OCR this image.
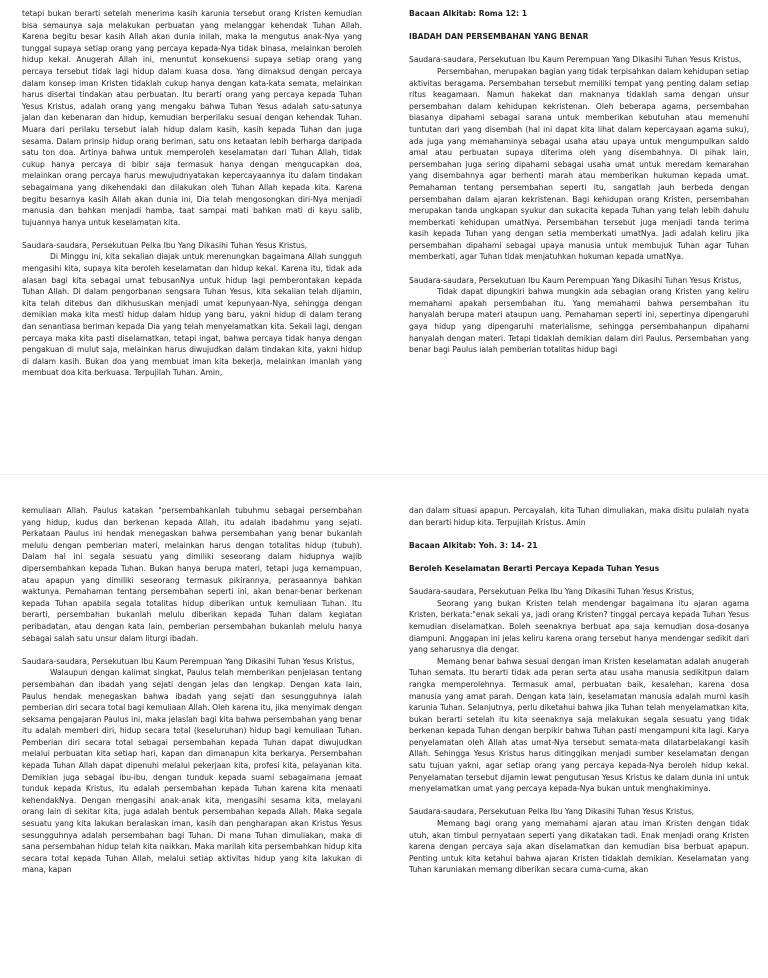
tetapi bukan berarti setelah menerima kasih karunia tersebut orang Kristen kemudian bisa semaunya saja melakukan perbuatan yang melanggar kehendak Tuhan Allah. Karena begitu besar kasih Allah akan dunia inilah, maka Ia mengutus anak-Nya yang tunggal supaya setiap orang yang percaya kepada-Nya tidak binasa, melainkan beroleh hidup kekal. Anugerah Allah ini, menuntut konsekuensi supaya setiap orang yang percaya tersebut tidak lagi hidup dalam kuasa dosa. Yang dimaksud dengan percaya dalam konsep iman Kristen tidaklah cukup hanya dengan kata-kata semata, melainkan harus disertai tindakan atau perbuatan. Itu berarti orang yang percaya kepada Tuhan Yesus Kristus, adalah orang yang mengaku bahwa Tuhan Yesus adalah satu-satunya jalan dan kebenaran dan hidup, kemudian berperilaku sesuai dengan kehendak Tuhan. Muara dari perilaku tersebut ialah hidup dalam kasih, kasih kepada Tuhan dan juga sesama. Dalam prinsip hidup orang beriman, satu ons ketaatan lebih berharga daripada satu ton doa. Artinya bahwa untuk memperoleh keselamatan dari Tuhan Allah, tidak cukup hanya percaya di bibir saja termasuk hanya dengan mengucapkan doa, melainkan orang percaya harus mewujudnyatakan kepercayaannya itu dalam tindakan sebagaimana yang dikehendaki dan dilakukan oleh Tuhan Allah kepada kita. Karena begitu besarnya kasih Allah akan dunia ini, Dia telah mengosongkan diri-Nya menjadi manusia dan bahkan menjadi hamba, taat sampai mati bahkan mati di kayu salib, tujuannya hanya untuk keselamatan kita.

Saudara-saudara, Persekutuan Pelka Ibu Yang Dikasihi Tuhan Yesus Kristus,

Di Minggu ini, kita sekalian diajak untuk merenungkan bagaimana Allah sungguh mengasihi kita, supaya kita beroleh keselamatan dan hidup kekal. Karena itu, tidak ada alasan bagi kita sebagai umat tebusanNya untuk hidup lagi pemberontakan kepada Tuhan Allah. Di dalam pengorbanan sengsara Tuhan Yesus, kita sekalian telah dijamin, kita telah ditebus dan dikhususkan menjadi umat kepunyaan-Nya, sehingga dengan demikian maka kita mesti hidup dalam hidup yang baru, yakni hidup di dalam terang dan senantiasa beriman kepada Dia yang telah menyelamatkan kita. Sekali lagi, dengan percaya maka kita pasti diselamatkan, tetapi ingat, bahwa percaya tidak hanya dengan pengakuan di mulut saja, melainkan harus diwujudkan dalam tindakan kita, yakni hidup di dalam kasih. Bukan doa yang membuat iman kita bekerja, melainkan imanlah yang membuat doa kita berkuasa. Terpujilah Tuhan. Amin,

Bacaan Alkitab: Roma 12: 1

IBADAH DAN PERSEMBAHAN YANG BENAR

Saudara-saudara, Persekutuan Ibu Kaum Perempuan Yang Dikasihi Tuhan Yesus Kristus,

Persembahan, merupakan bagian yang tidak terpisahkan dalam kehidupan setiap aktivitas beragama. Persembahan tersebut memiliki tempat yang penting dalam setiap ritus keagamaan. Namun hakekat dan maknanya tidaklah sama dengan unsur persembahan dalam kehidupan kekristenan. Oleh beberapa agama, persembahan biasanya dipahami sebagai sarana untuk memberikan kebutuhan atau memenuhi tuntutan dari yang disembah (hal ini dapat kita lihat dalam kepercayaan agama suku), ada juga yang memahaminya sebagai usaha atau upaya untuk mengumpulkan saldo amal atau perbuatan supaya diterima oleh yang disembahnya. Di pihak lain, persembahan juga sering dipahami sebagai usaha umat untuk meredam kemarahan yang disembahnya agar berhenti marah atau memberikan hukuman kepada umat. Pemahaman tentang persembahan seperti itu, sangatlah jauh berbeda dengan persembahan dalam ajaran kekristenan. Bagi kehidupan orang Kristen, persembahan merupakan tanda ungkapan syukur dan sukacita kepada Tuhan yang telah lebih dahulu memberkati kehidupan umatNya. Persembahan tersebut juga menjadi tanda terima kasih kepada Tuhan yang dengan setia memberkati umatNya. Jadi adalah keliru jika persembahan dipahami sebagai upaya manusia untuk membujuk Tuhan agar Tuhan memberkati, agar Tuhan tidak menjatuhkan hukuman kepada umatNya.

Saudara-saudara, Persekutuan Ibu Kaum Perempuan Yang Dikasihi Tuhan Yesus Kristus,

Tidak dapat dipungkiri bahwa mungkin ada sebagian orang Kristen yang keliru memahami apakah persembahan itu. Yang memahami bahwa persembahan itu hanyalah berupa materi ataupun uang. Pemahaman seperti ini, sepertinya dipengaruhi gaya hidup yang dipengaruhi materialisme, sehingga persembahanpun dipahami hanyalah dengan materi. Tetapi tidaklah demikian dalam diri Paulus. Persembahan yang benar bagi Paulus ialah pemberian totalitas hidup bagi

kemuliaan Allah. Paulus katakan "persembahkanlah tubuhmu sebagai persembahan yang hidup, kudus dan berkenan kepada Allah, itu adalah ibadahmu yang sejati. Perkataan Paulus ini hendak menegaskan bahwa persembahan yang benar bukanlah melulu dengan pemberian materi, melainkan harus dengan totalitas hidup (tubuh). Dalam hal ini segala sesuatu yang dimiliki seseorang dalam hidupnya wajib dipersembahkan kepada Tuhan. Bukan hanya berupa materi, tetapi juga kemampuan, atau apapun yang dimiliki seseorang termasuk pikirannya, perasaannya bahkan waktunya. Pemahaman tentang persembahan seperti ini, akan benar-benar berkenan kepada Tuhan apabila segala totalitas hidup diberikan untuk kemuliaan Tuhan. Itu berarti, persembahan bukanlah melulu diberikan kepada Tuhan dalam kegiatan peribadatan, atau dengan kata lain, pemberian persembahan bukanlah melulu hanya sebagai salah satu unsur dalam liturgi ibadah.

Saudara-saudara, Persekutuan Ibu Kaum Perempuan Yang Dikasihi Tuhan Yesus Kristus,

Walaupun dengan kalimat singkat, Paulus telah memberikan penjelasan tentang persembahan dan ibadah yang sejati dengan jelas dan lengkap. Dengan kata lain, Paulus hendak menegaskan bahwa ibadah yang sejati dan sesungguhnya ialah pemberian diri secara total bagi kemuliaan Allah. Oleh karena itu, jika menyimak dengan seksama pengajaran Paulus ini, maka jelaslah bagi kita bahwa persembahan yang benar itu adalah memberi diri, hidup secara total (keseluruhan) hidup bagi kemuliaan Tuhan. Pemberian diri secara total sebagai persembahan kepada Tuhan dapat diwujudkan melalui perbuatan kita setiap hari, kapan dan dimanapun kita berkarya. Persembahan kepada Tuhan Allah dapat dipenuhi melalui pekerjaan kita, profesi kita, pelayanan kita. Demikian juga sebagai ibu-ibu, dengan tunduk kepada suami sebagaimana jemaat tunduk kepada Kristus, itu adalah persembahan kepada Tuhan karena kita menaati kehendakNya. Dengan mengasihi anak-anak kita, mengasihi sesama kita, melayani orang lain di sekitar kita, juga adalah bentuk persembahan kepada Allah. Maka segala sesuatu yang kita lakukan beralaskan iman, kasih dan pengharapan akan Kristus Yesus sesungguhnya adalah persembahan bagi Tuhan. Di mana Tuhan dimuliakan, maka di sana persembahan hidup telah kita naikkan. Maka marilah kita persembahkan hidup kita secara total kepada Tuhan Allah, melalui setiap aktivitas hidup yang kita lakukan di mana, kapan

dan dalam situasi apapun. Percayalah, kita Tuhan dimuliakan, maka disitu pulalah nyata dan berarti hidup kita. Terpujilah Kristus. Amin

Bacaan Alkitab: Yoh. 3: 14- 21

Beroleh Keselamatan Berarti Percaya Kepada Tuhan Yesus

Saudara-saudara, Persekutuan Pelka Ibu Yang Dikasihi Tuhan Yesus Kristus,

Seorang yang bukan Kristen telah mendengar bagaimana itu ajaran agama Kristen, berkata:"enak sekali ya, jadi orang Kristen? tinggal percaya kepada Tuhan Yesus kemudian diselamatkan. Boleh seenaknya berbuat apa saja kemudian dosa-dosanya diampuni. Anggapan ini jelas keliru karena orang tersebut hanya mendengar sedikit dari yang seharusnya dia dengar.

Memang benar bahwa sesuai dengan iman Kristen keselamatan adalah anugerah Tuhan semata. Itu berarti tidak ada peran serta atau usaha manusia sedikitpun dalam rangka memperolehnya. Termasuk amal, perbuatan baik, kesalehan, karena dosa manusia yang amat parah. Dengan kata lain, keselamatan manusia adalah murni kasih karunia Tuhan. Selanjutnya, perlu diketahui bahwa jika Tuhan telah menyelamatkan kita, bukan berarti setelah itu kita seenaknya saja melakukan segala sesuatu yang tidak berkenan kepada Tuhan dengan berpikir bahwa Tuhan pasti mengampuni kita lagi. Karya penyelamatan oleh Allah atas umat-Nya tersebut semata-mata dilatarbelakangi kasih Allah. Sehingga Yesus Kristus harus ditinggikan menjadi sumber keselamatan dengan satu tujuan yakni, agar setiap orang yang percaya kepada-Nya beroleh hidup kekal. Penyelamatan tersebut dijamin lewat pengutusan Yesus Kristus ke dalam dunia ini untuk menyelamatkan umat yang percaya kepada-Nya bukan untuk menghakiminya.

Saudara-saudara, Persekutuan Pelka Ibu Yang Dikasihi Tuhan Yesus Kristus,

Memang bagi orang yang memahami ajaran atau iman Kristen dengan tidak utuh, akan timbul pernyataan seperti yang dikatakan tadi. Enak menjadi orang Kristen karena dengan percaya saja akan diselamatkan dan kemudian bisa berbuat apapun. Penting untuk kita ketahui bahwa ajaran Kristen tidaklah demikian. Keselamatan yang Tuhan karuniakan memang diberikan secara cuma-cuma, akan
